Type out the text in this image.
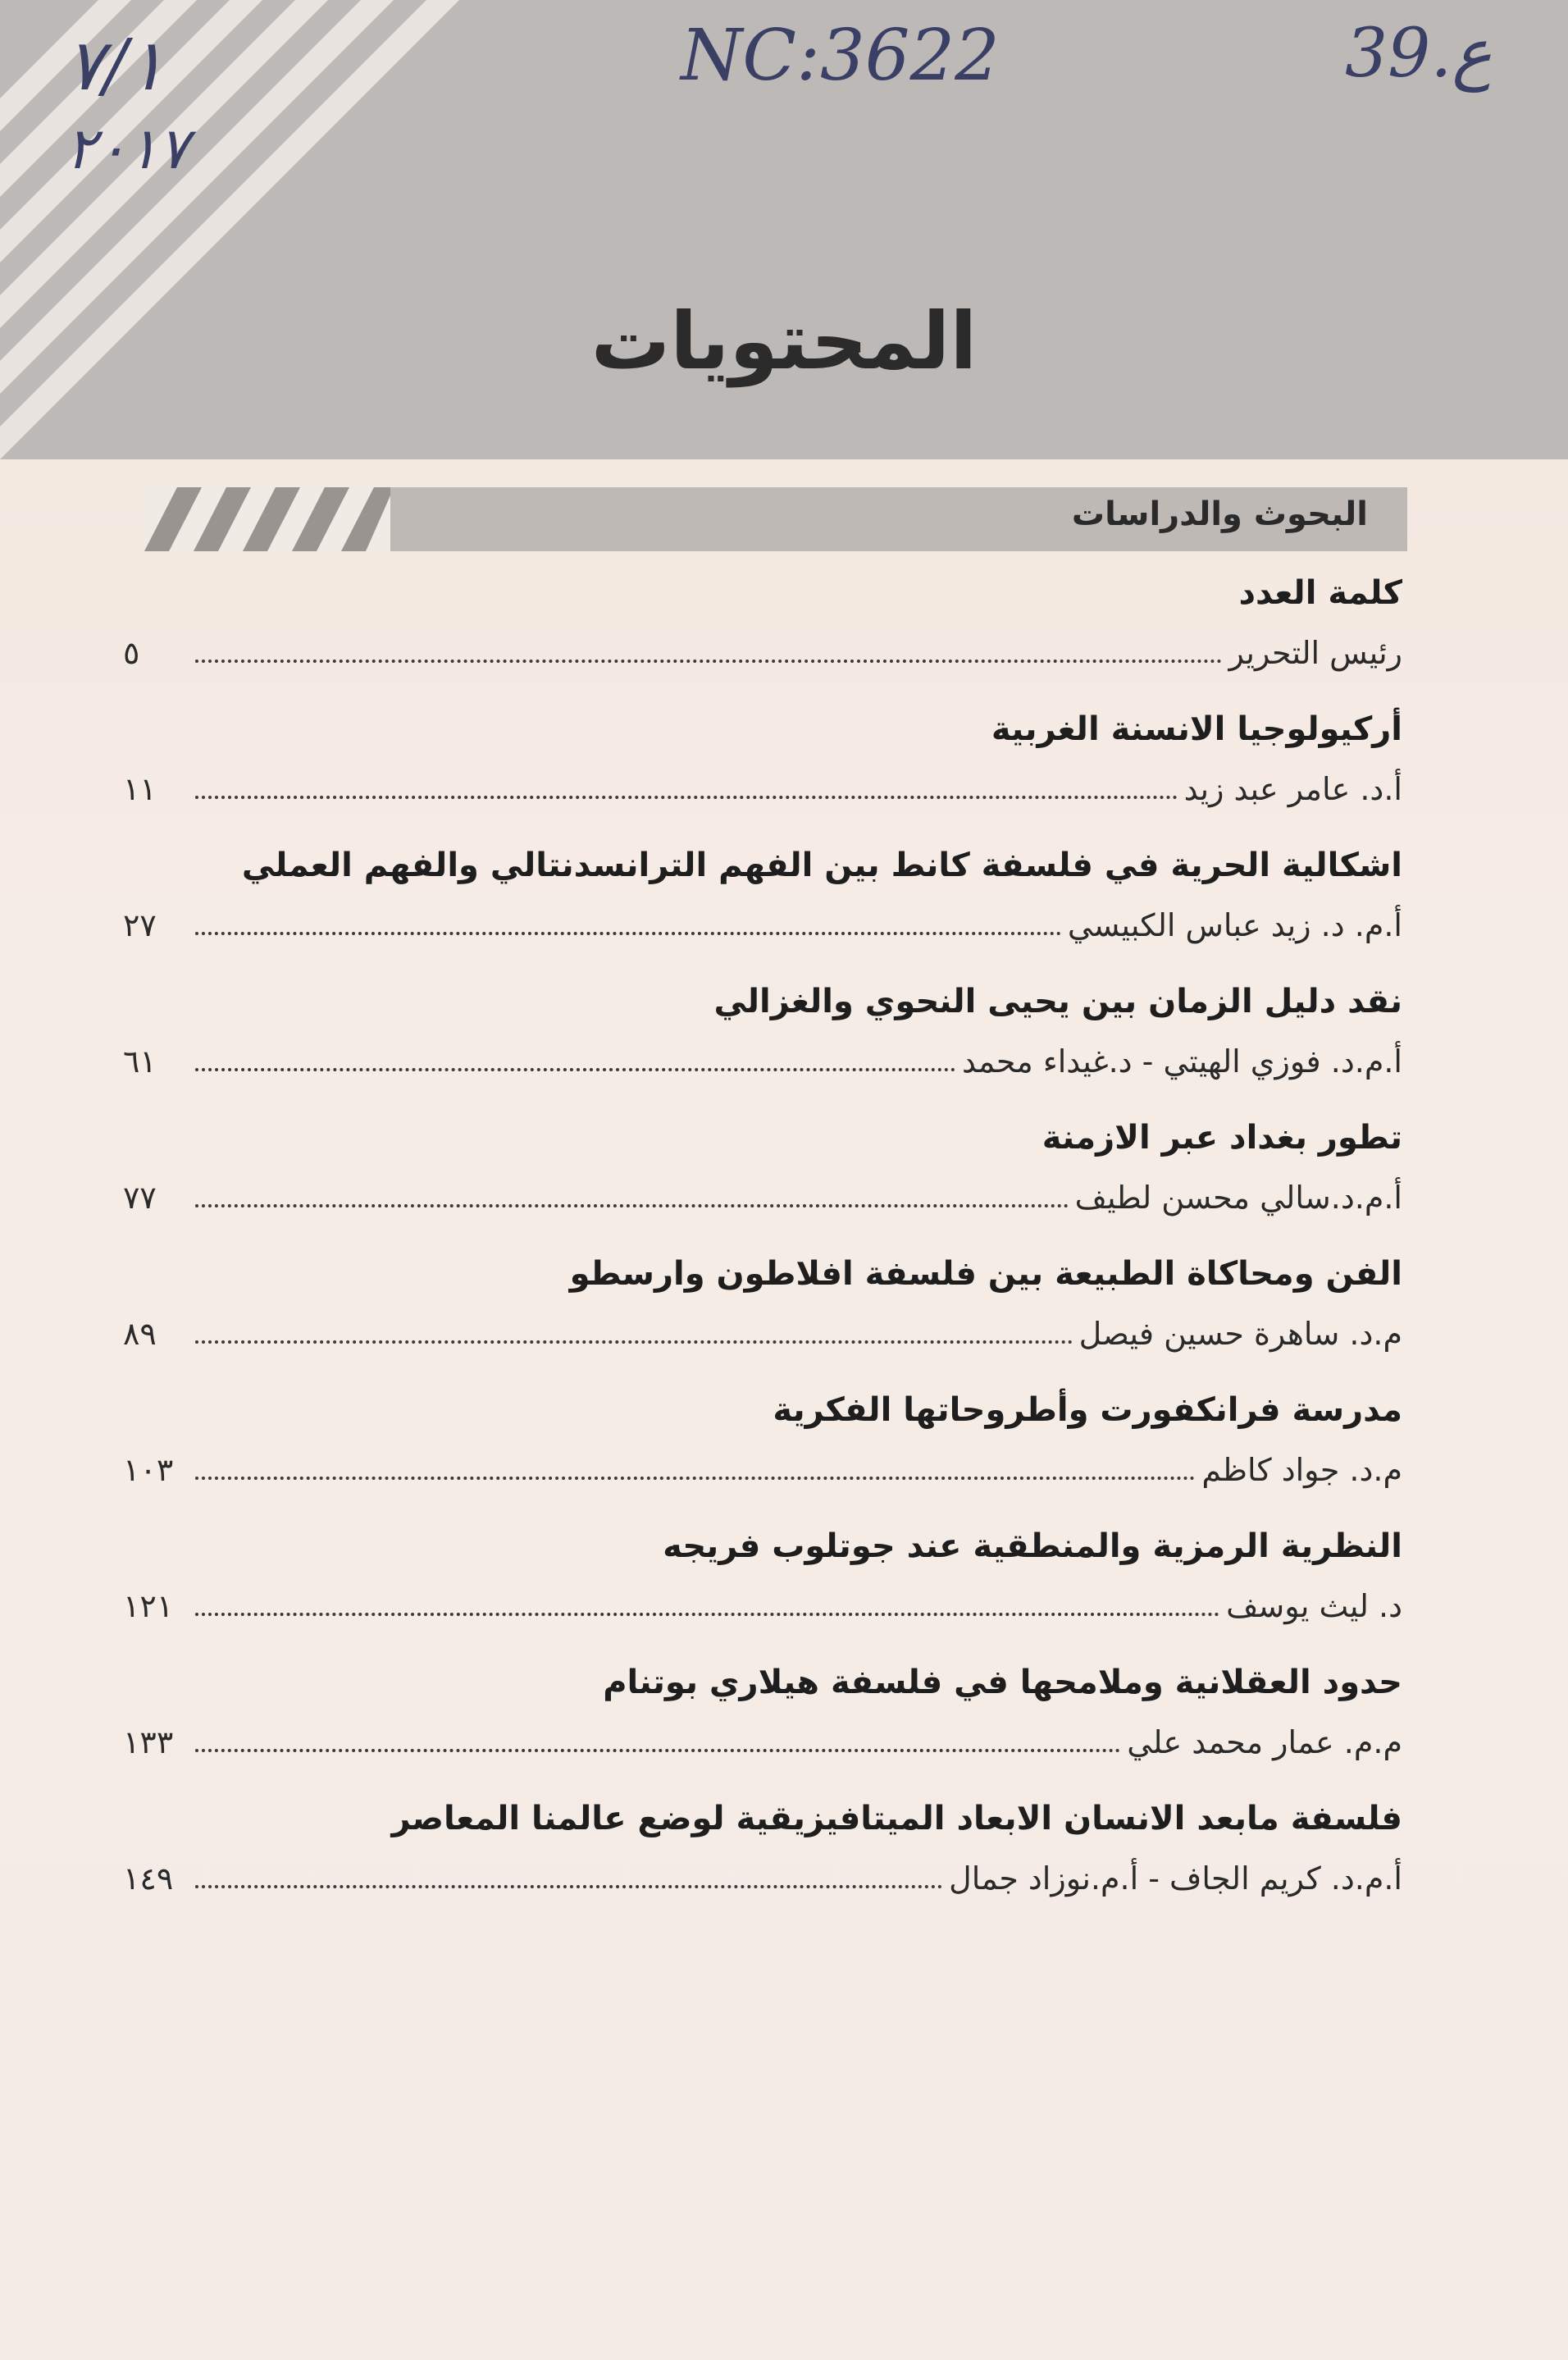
٧/١
٢٠١٧
NC:3622	39.ع
المحتويات
البحوث والدراسات
كلمة العدد
رئيس التحرير
٥
أركيولوجيا الانسنة الغربية
أ.د. عامر عبد زيد
١١
اشكالية الحرية في فلسفة كانط بين الفهم الترانسدنتالي والفهم العملي
أ.م. د. زيد عباس الكبيسي
٢٧
نقد دليل الزمان بين يحيى النحوي والغزالي
أ.م.د. فوزي الهيتي - د.غيداء محمد
٦١
تطور بغداد عبر الازمنة
أ.م.د.سالي محسن لطيف
٧٧
الفن ومحاكاة الطبيعة بين فلسفة افلاطون وارسطو
م.د. ساهرة حسين فيصل
٨٩
مدرسة فرانكفورت وأطروحاتها الفكرية
م.د. جواد كاظم
١٠٣
النظرية الرمزية والمنطقية عند جوتلوب فريجه
د. ليث يوسف
١٢١
حدود العقلانية وملامحها في فلسفة هيلاري بوتنام
م.م. عمار محمد علي
١٣٣
فلسفة مابعد الانسان الابعاد الميتافيزيقية لوضع عالمنا المعاصر
أ.م.د. كريم الجاف - أ.م.نوزاد جمال
١٤٩
